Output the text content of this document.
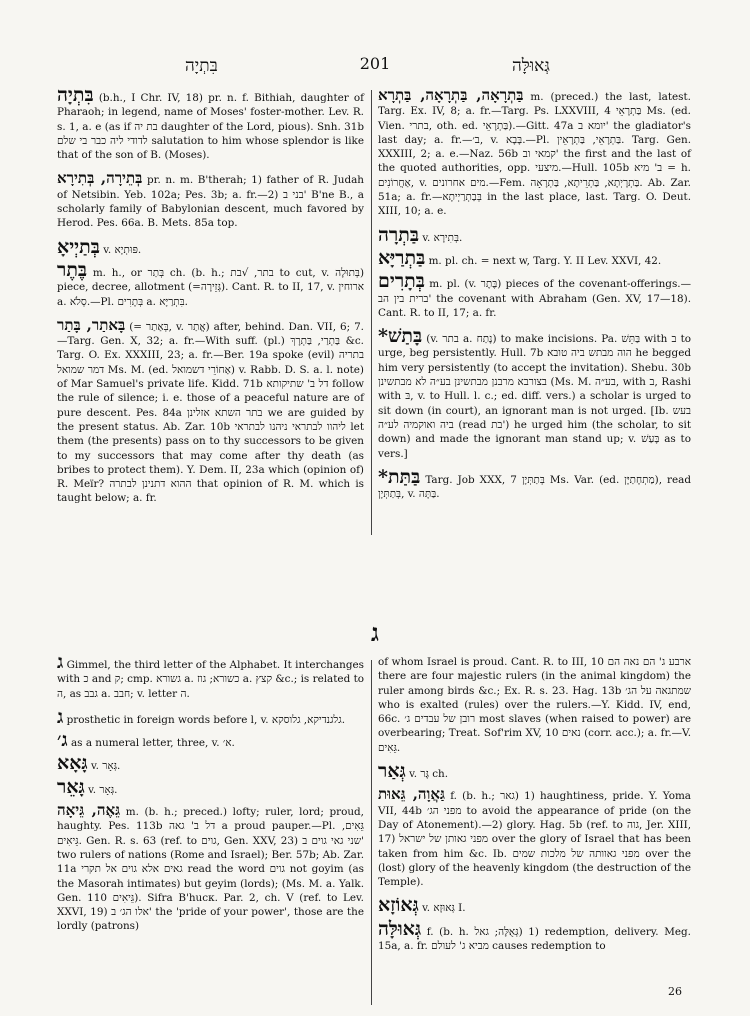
בִּתְיָה	201	גְּאוּלָּה

בִּתְיָה (b.h., I Chr. IV, 18) pr. n. f. Bithiah, daughter of Pharaoh; in legend, name of Moses' foster-mother. Lev. R. s. 1, a. e (as if בת יה daughter of the Lord, pious). Snh. 31b לדודי ליה כבר בי שלם salutation to him whose splendor is like that of the son of B. (Moses).

בְּתֵירָה, בְּתִירָא pr. n. m. B'therah; 1) father of R. Judah of Netsibin. Yeb. 102a; Pes. 3b; a. fr.—2) בני ב' B'ne B., a scholarly family of Babylonian descent, much favored by Herod. Pes. 66a. B. Mets. 85a top.

בְּתַיְיאָ v. פּוּתְיָא.

בֶּתֶר m. h., or בְּתַר ch. (b. h.; בתר, √בת to cut, v. בְּתוּלָה) piece, decree, allotment (=גְּזֵירָה). Cant. R. to II, 17, v. ארוחין a. סְלֹא.—Pl. בְּתָרִים a. בִּתְרַיָּא.

בָּאתַר, בָּתַר (= בְּאַתַר, v. אֲתַר) after, behind. Dan. VII, 6; 7.—Targ. Gen. X, 32; a. fr.—With suff. (pl.) בַּתְרַי, בַּתְרָךְ &c. Targ. O. Ex. XXXIII, 23; a. fr.—Ber. 19a spoke (evil) בתריה דמר שמואל Ms. M. (ed. אַחוֹרֵי דשמואל) v. Rabb. D. S. a. l. note) of Mar Samuel's private life. Kidd. 71b דל ב' שתיקותא follow the rule of silence; i. e. those of a peaceful nature are of pure descent. Pes. 84a בתר השתא אזלינן we are guided by the present status. Ab. Zar. 10b ליהוו לבתראי ניהנו לבתראי let them (the presents) pass on to thy successors to be given to my successors that may come after thy death (as bribes to protect them). Y. Dem. II, 23a which (opinion of) R. Meïr? ההוא דתנינן לבתרה that opinion of R. M. which is taught below; a. fr.

בַּתְרָאָה, בַּתְרָאָה, בַּתְרָא m. (preced.) the last, latest. Targ. Ex. IV, 8; a. fr.—Targ. Ps. LXXVIII, 4 בַּתְרָאֵי Ms. (ed. Vien. בתרי, oth. ed. בַּתְרָאֵי).—Gitt. 47a יומא ב' the gladiator's last day; a. fr.—ב׳, v. בָּבָא.—Pl. בַּתְרָאֵי, בַּתְרָאֵין. Targ. Gen. XXXIII, 2; a. e.—Naz. 56b קמאי וב' the first and the last of the quoted authorities, opp. מיצעי.—Hull. 105b ב' מיא = h. אַחֲרוֹנִים, v. מים אחרונים.—Fem. בַּתְרָיְתָא, בַּתְרֵיתָא, בַּתְרָאָה. Ab. Zar. 51a; a. fr.—בְּבַתְרַיְיתָא in the last place, last. Targ. O. Deut. XIII, 10; a. e.

בַּתְרָה v. בְּתִירָא.

בַּתְרַיָּא m. pl. ch. = next w, Targ. Y. II Lev. XXVI, 42.

בְּתָרִים m. pl. (v. בֶּתֶר) pieces of the covenant-offerings.—ברית בין הב' the covenant with Abraham (Gen. XV, 17—18). Cant. R. to II, 17; a. fr.

*בָּתַשׁ (v. בתר a. נָתַח) to make incisions. Pa. בַּתֵּשׁ with ב to urge, beg persistently. Hull. 7b הוה מבתש ביה טובא he begged him very persistently (to accept the invitation). Shebu. 30b בצורבא מרבנן מבתשינן בע״ה לא מבתשינן (Ms. M. בע״ה, with ב, Rashi with בּ, v. to Hull. l. c.; ed. diff. vers.) a scholar is urged to sit down (in court), an ignorant man is not urged. [Ib. בעש ביה ואוקמיה לע״ה (read בת') he urged him (the scholar, to sit down) and made the ignorant man stand up; v. בָּעַשׁ as to vers.]

*בַּתַּת Targ. Job XXX, 7 בְּתַתְּיָן Ms. Var. (ed. מַתְחָתַיָּן), read בְּתַתְּיָן, v. בַּתָּה.

ג

ג Gimmel, the third letter of the Alphabet. It interchanges with כ and ק; cmp. גשורא a. כשורא; גוז a. קצץ &c.; is related to ה, as גבב a. חבב; v. letter ה.

ג prosthetic in foreign words before l, v. גלגנדיקא, גלוסקא.

ג׳ as a numeral letter, three, v. א׳.

גָּאָא v. גְּאָר.

גָּאֵר v. גְּאָר.

גֵּאֶה, גֵּיאָה m. (b. h.; preced.) lofty; ruler, lord; proud, haughty. Pes. 113b דל ב' גאה a proud pauper.—Pl. גֵּאִים, גֵּיאִים. Gen. R. s. 63 (ref. to גוים, Gen. XXV, 23) שני גאי גוים ב' two rulers of nations (Rome and Israel); Ber. 57b; Ab. Zar. 11a גאים אלא גוים אל תקרי read the word גוים not goyim (as the Masorah intimates) but geyim (lords); (Ms. M. a. Yalk. Gen. 110 גֵּיאִים). Sifra B'hucк. Par. 2, ch. V (ref. to Lev. XXVI, 19) אלו הג׳ ב' the 'pride of your power', those are the lordly (patrons)

of whom Israel is proud. Cant. R. to III, 10 ארבע ג' הם נאה הם there are four majestic rulers (in the animal kingdom) the ruler among birds &c.; Ex. R. s. 23. Hag. 13b שמתגאה על הג׳ who is exalted (rules) over the rulers.—Y. Kidd. IV, end, 66c. רובן של עבדים ג׳ most slaves (when raised to power) are overbearing; Treat. Sof'rim XV, 10 נאים (corr. acc.); a. fr.—V. גֵּאִים.

גְּאַר v. גָּר ch.

גַּאֲוָה, גֵּאוּת f. (b. h.; גאר) 1) haughtiness, pride. Y. Yoma VII, 44b מפני הג׳ to avoid the appearance of pride (on the Day of Atonement).—2) glory. Hag. 5b (ref. to גוה, Jer. XIII, 17) מפני גאותן של ישראל over the glory of Israel that has been taken from him &c. Ib. מפני גאוותה של מלכות שמים over the (lost) glory of the heavenly kingdom (the destruction of the Temple).

גְּאוֹזָא v. גְּאוּזָא I.

גְּאוּלָּה f. (b. h. גְּאֻלָּה; גאל) 1) redemption, delivery. Meg. 15a, a. fr. מביא ג' לעולם causes redemption to

26
